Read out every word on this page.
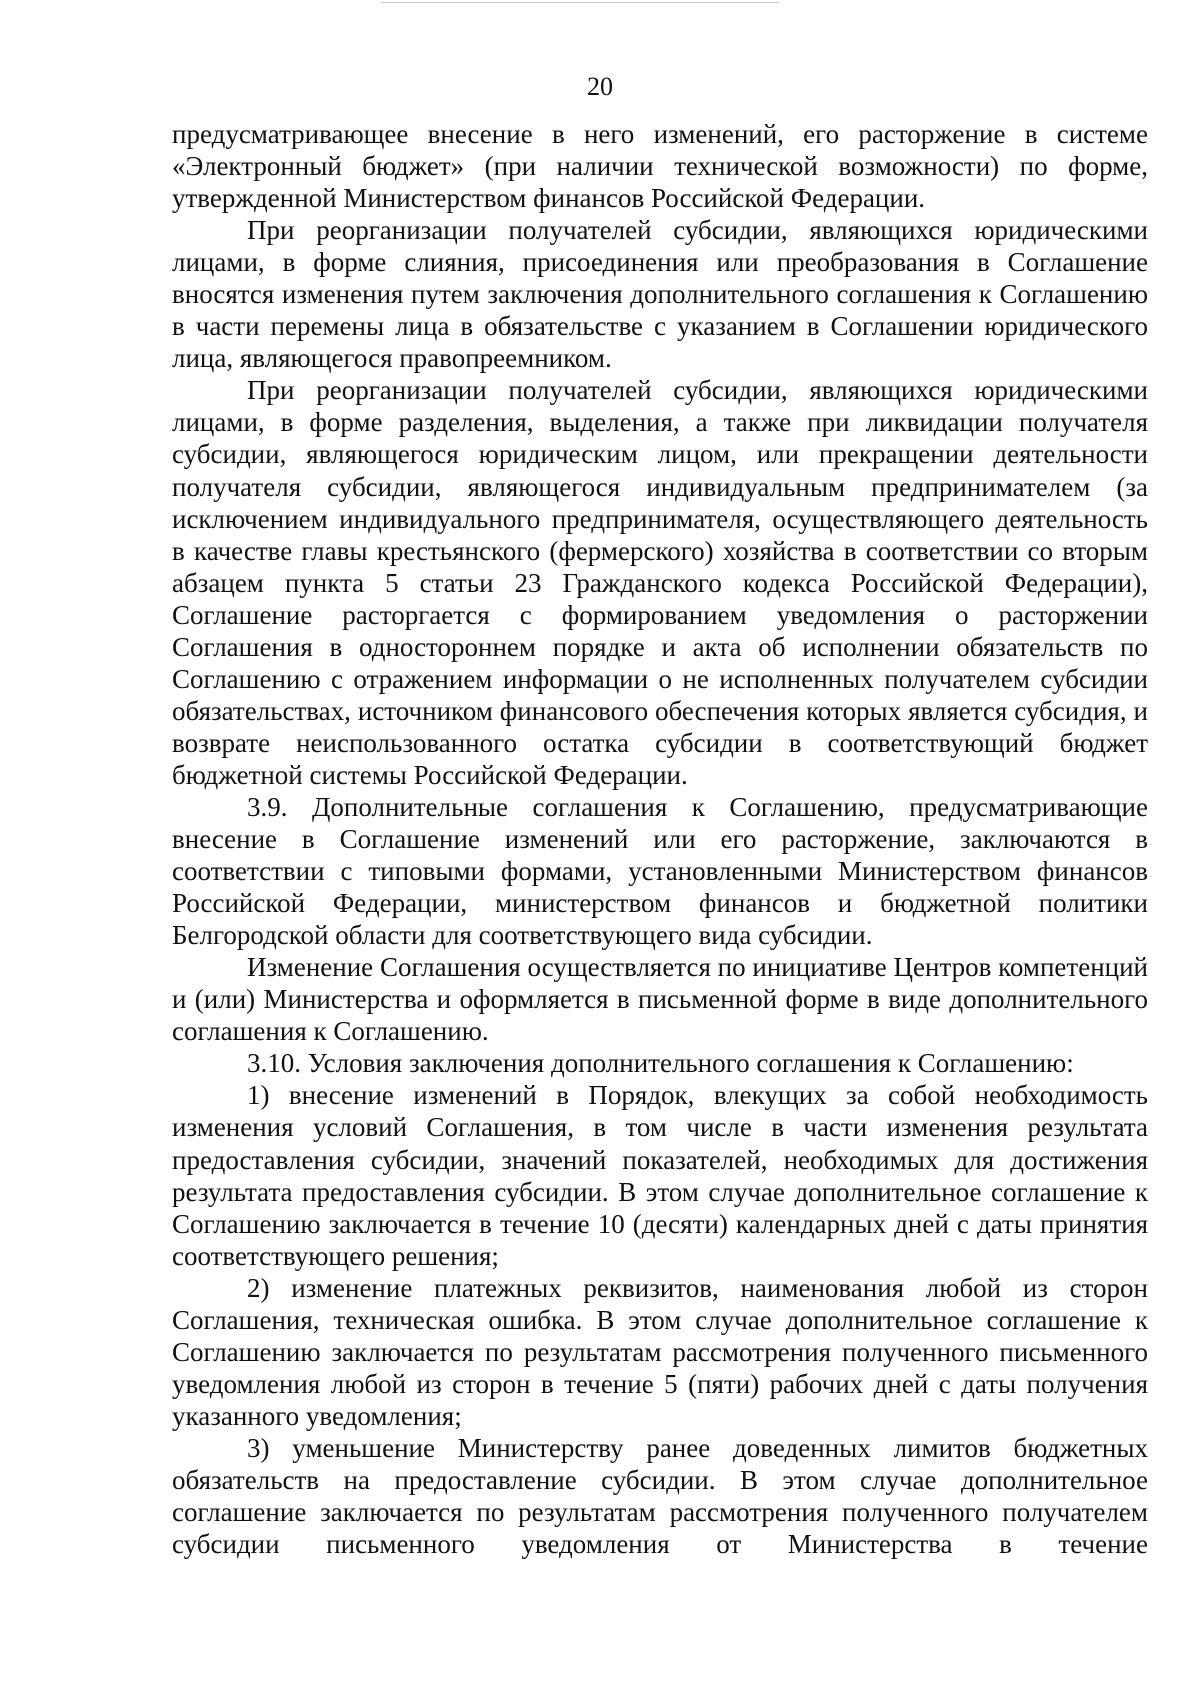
20

предусматривающее внесение в него изменений, его расторжение в системе «Электронный бюджет» (при наличии технической возможности) по форме, утвержденной Министерством финансов Российской Федерации.

При реорганизации получателей субсидии, являющихся юридическими лицами, в форме слияния, присоединения или преобразования в Соглашение вносятся изменения путем заключения дополнительного соглашения к Соглашению в части перемены лица в обязательстве с указанием в Соглашении юридического лица, являющегося правопреемником.

При реорганизации получателей субсидии, являющихся юридическими лицами, в форме разделения, выделения, а также при ликвидации получателя субсидии, являющегося юридическим лицом, или прекращении деятельности получателя субсидии, являющегося индивидуальным предпринимателем (за исключением индивидуального предпринимателя, осуществляющего деятельность в качестве главы крестьянского (фермерского) хозяйства в соответствии со вторым абзацем пункта 5 статьи 23 Гражданского кодекса Российской Федерации), Соглашение расторгается с формированием уведомления о расторжении Соглашения в одностороннем порядке и акта об исполнении обязательств по Соглашению с отражением информации о не исполненных получателем субсидии обязательствах, источником финансового обеспечения которых является субсидия, и возврате неиспользованного остатка субсидии в соответствующий бюджет бюджетной системы Российской Федерации.

3.9. Дополнительные соглашения к Соглашению, предусматривающие внесение в Соглашение изменений или его расторжение, заключаются в соответствии с типовыми формами, установленными Министерством финансов Российской Федерации, министерством финансов и бюджетной политики Белгородской области для соответствующего вида субсидии.

Изменение Соглашения осуществляется по инициативе Центров компетенций и (или) Министерства и оформляется в письменной форме в виде дополнительного соглашения к Соглашению.

3.10. Условия заключения дополнительного соглашения к Соглашению:

1) внесение изменений в Порядок, влекущих за собой необходимость изменения условий Соглашения, в том числе в части изменения результата предоставления субсидии, значений показателей, необходимых для достижения результата предоставления субсидии. В этом случае дополнительное соглашение к Соглашению заключается в течение 10 (десяти) календарных дней с даты принятия соответствующего решения;

2) изменение платежных реквизитов, наименования любой из сторон Соглашения, техническая ошибка. В этом случае дополнительное соглашение к Соглашению заключается по результатам рассмотрения полученного письменного уведомления любой из сторон в течение 5 (пяти) рабочих дней с даты получения указанного уведомления;

3) уменьшение Министерству ранее доведенных лимитов бюджетных обязательств на предоставление субсидии. В этом случае дополнительное соглашение заключается по результатам рассмотрения полученного получателем субсидии письменного уведомления от Министерства в течение
